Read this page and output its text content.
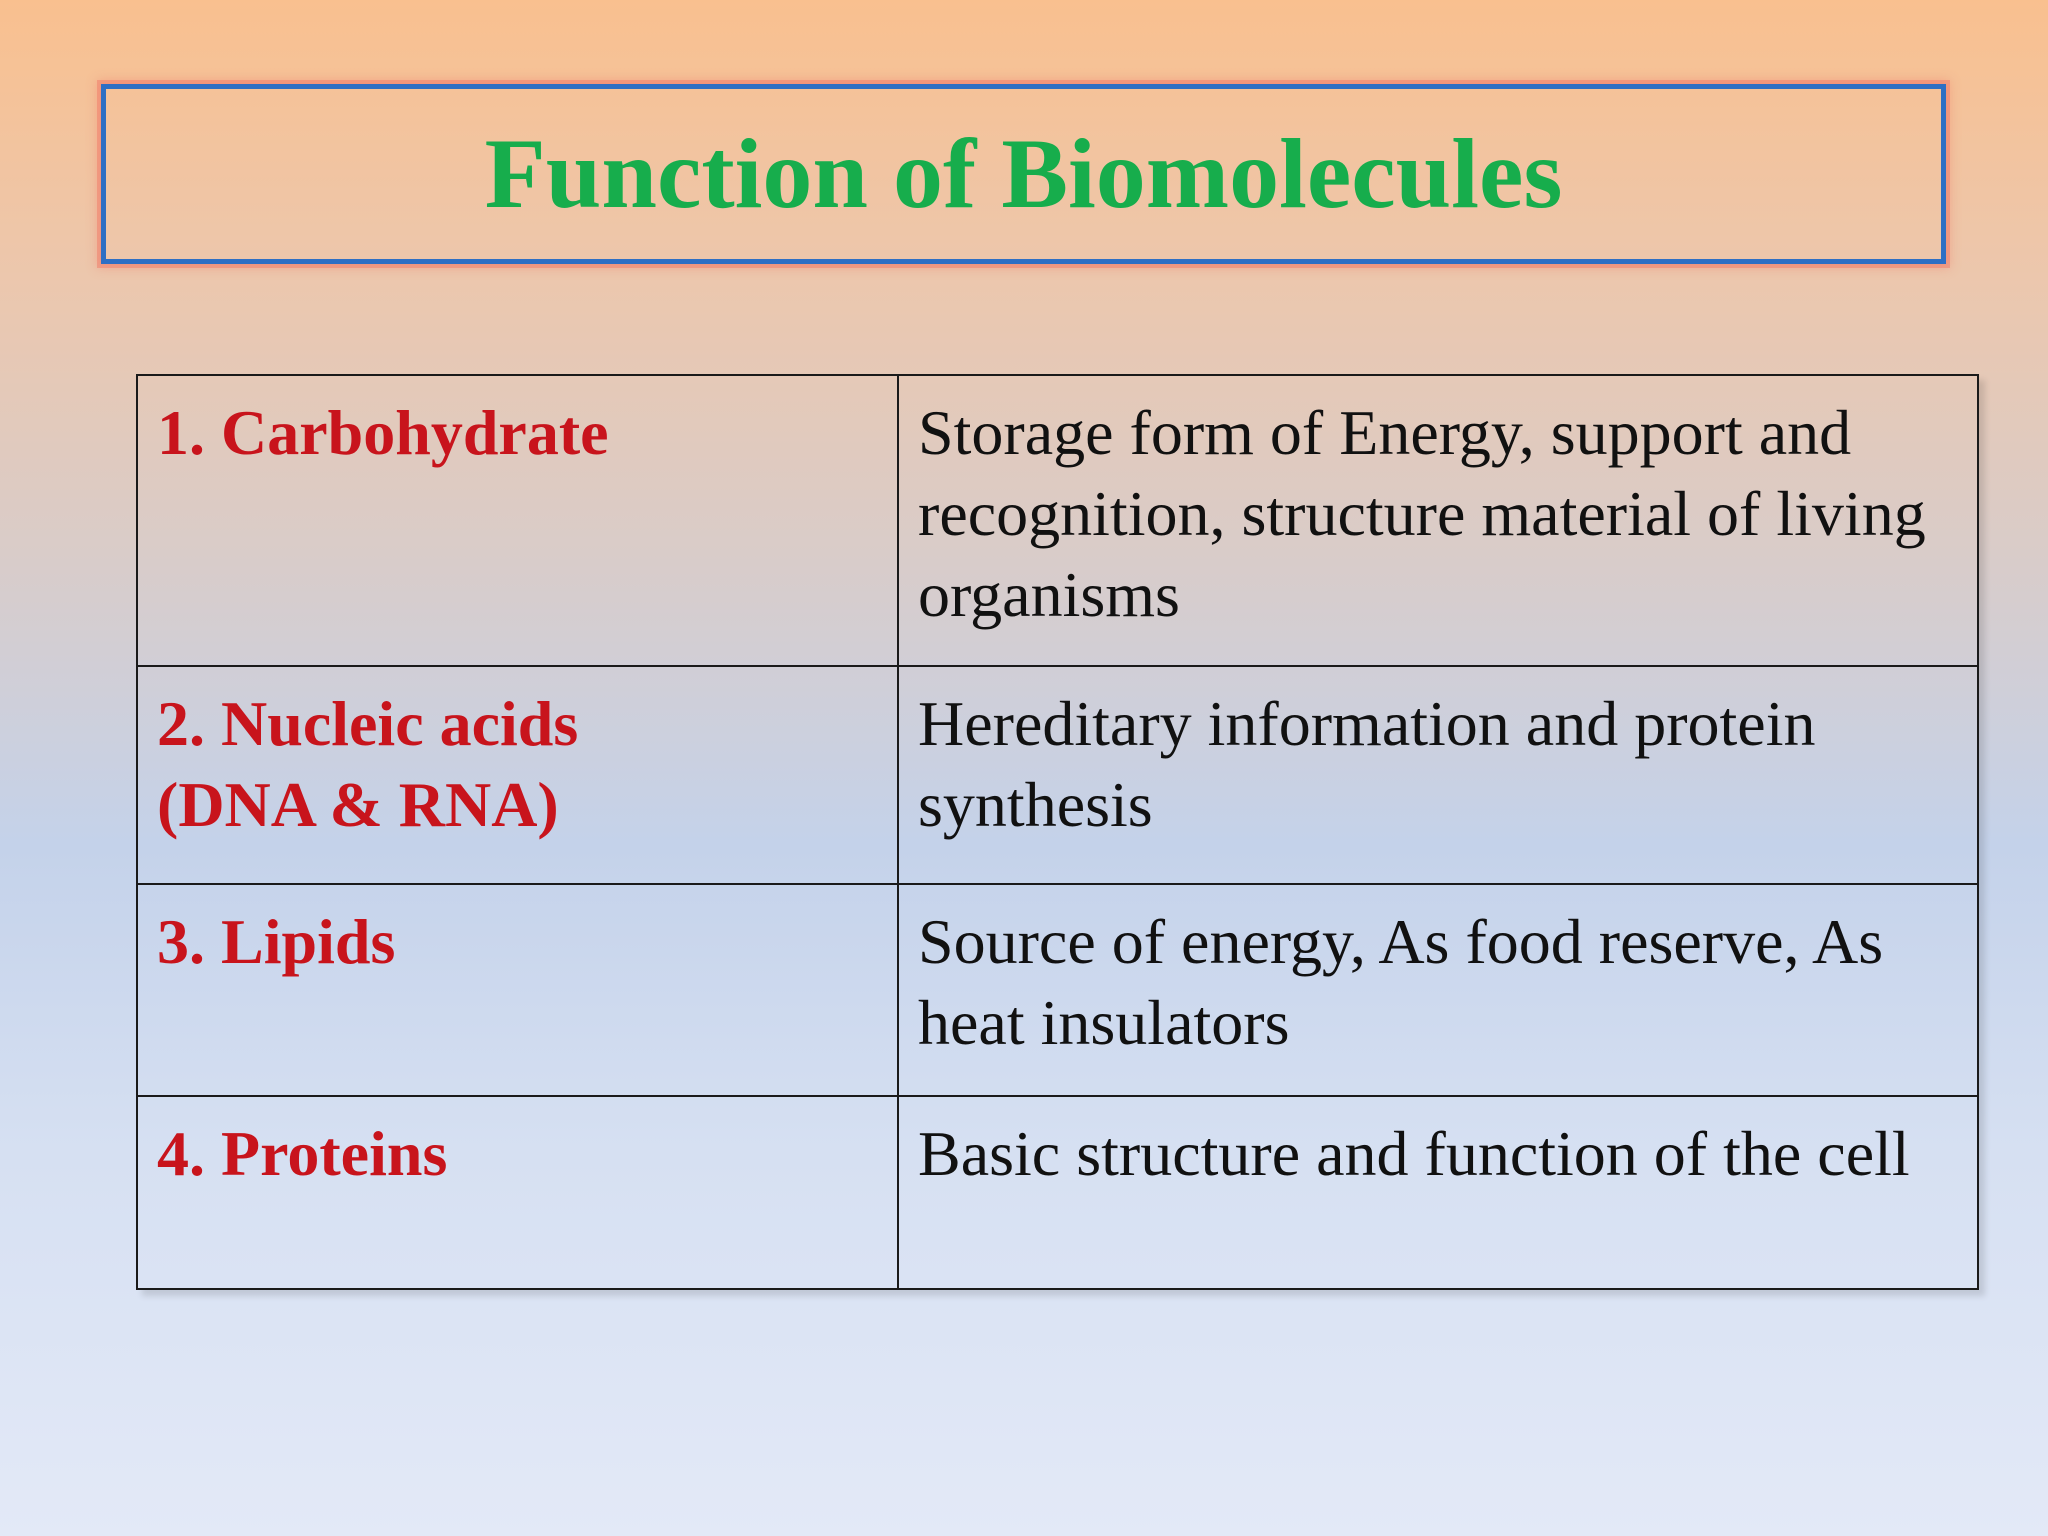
Function of Biomolecules
1. Carbohydrate	Storage form of Energy, support and recognition, structure material of living organisms

2. Nucleic acids
(DNA & RNA)	Hereditary information and protein synthesis

3. Lipids	Source of energy, As food reserve, As heat insulators

4. Proteins	Basic structure and function of the cell
